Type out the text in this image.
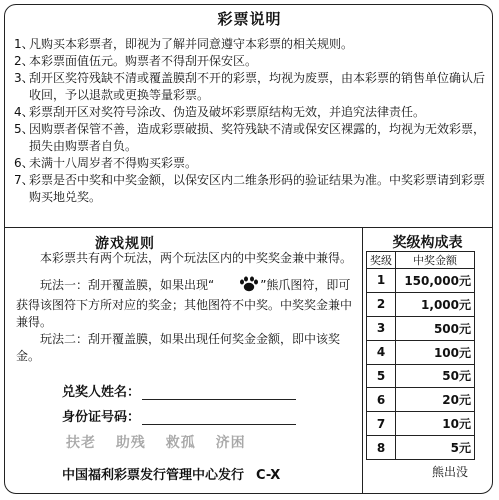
彩票说明
1、
凡购买本彩票者，即视为了解并同意遵守本彩票的相关规则。
2、
本彩票面值伍元。购票者不得刮开保安区。
3、
刮开区奖符残缺不清或覆盖膜刮不开的彩票，均视为废票，由本彩票的销售单位确认后收回，予以退款或更换等量彩票。
4、
彩票刮开区对奖符号涂改、伪造及破坏彩票原结构无效，并追究法律责任。
5、
因购票者保管不善，造成彩票破损、奖符残缺不清或保安区裸露的，均视为无效彩票，损失由购票者自负。
6、
未满十八周岁者不得购买彩票。
7、
彩票是否中奖和中奖金额，以保安区内二维条形码的验证结果为准。中奖彩票请到彩票购买地兑奖。
游戏规则

本彩票共有两个玩法，两个玩法区内的中奖奖金兼中兼得。

玩法一：刮开覆盖膜，如果出现“	”熊爪图符，即可获得该图符下方所对应的奖金；其他图符不中奖。中奖奖金兼中兼得。

玩法二：刮开覆盖膜，如果出现任何奖金金额，即中该奖金。

兑奖人姓名：
身份证号码：
扶老 助残 救孤 济困
中国福利彩票发行管理中心发行 C-X
奖级构成表
奖级	中奖金额
1	150,000元
2	1,000元
3	500元
4	100元
5	50元
6	20元
7	10元
8	5元
熊出没
